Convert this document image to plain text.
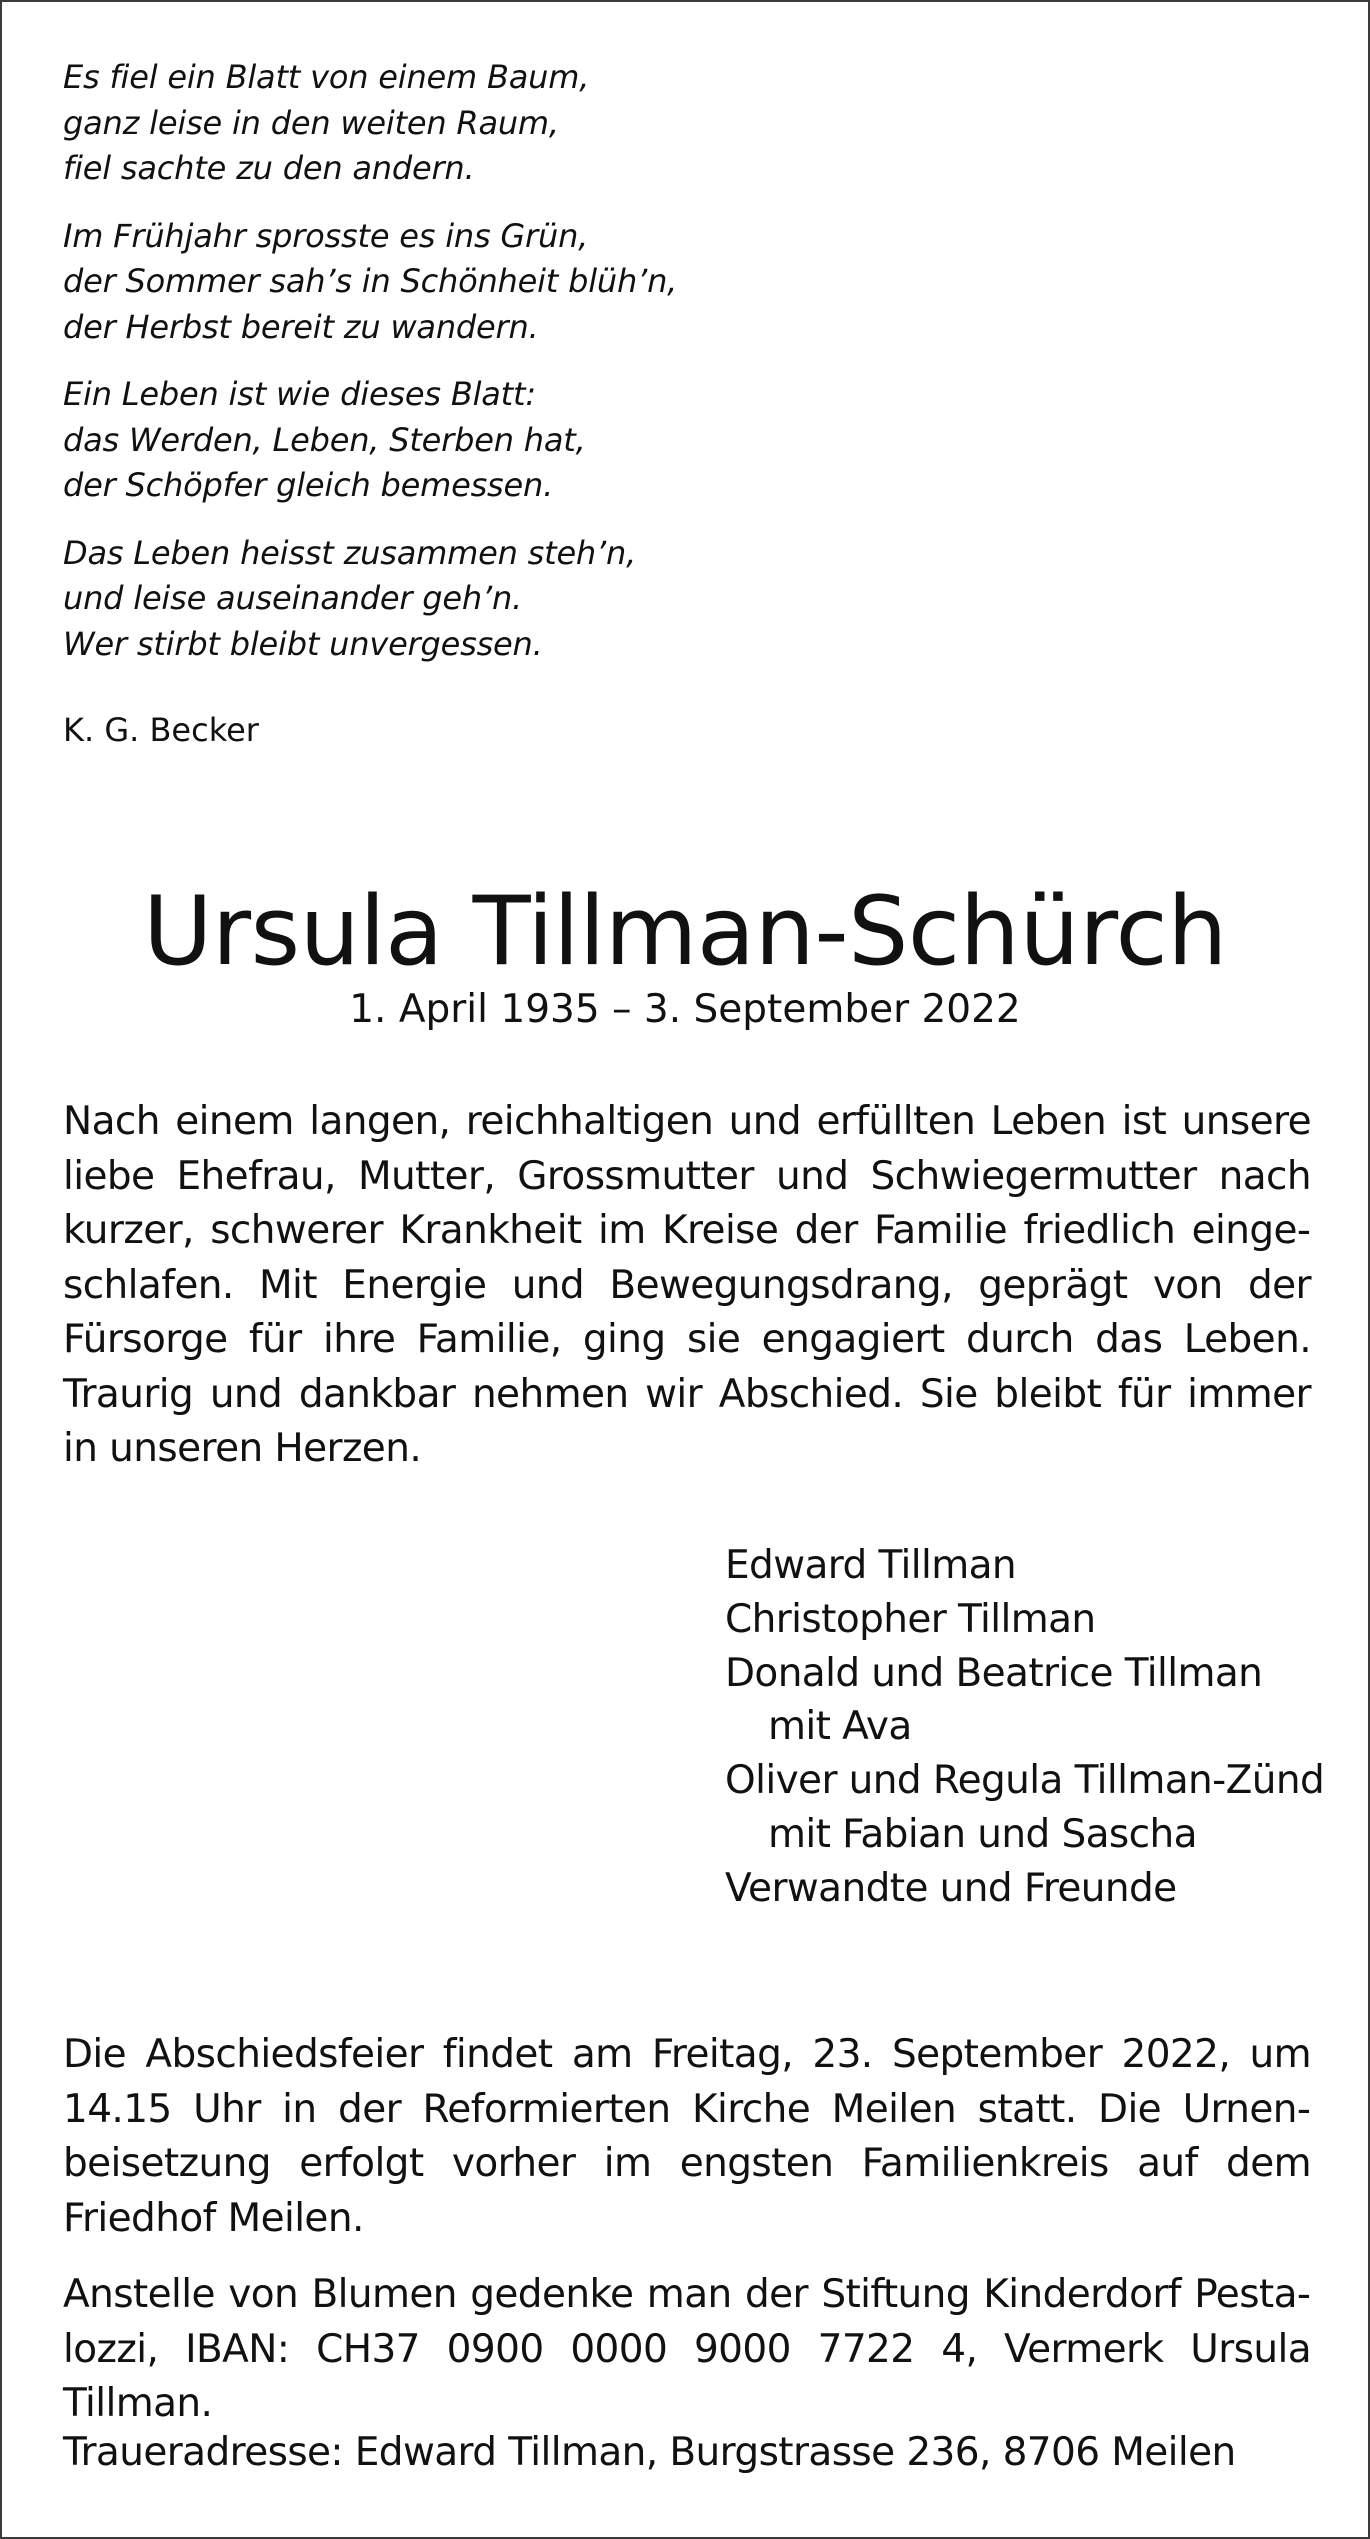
Es fiel ein Blatt von einem Baum,
ganz leise in den weiten Raum,
fiel sachte zu den andern.
Im Frühjahr sprosste es ins Grün,
der Sommer sah’s in Schönheit blüh’n,
der Herbst bereit zu wandern.
Ein Leben ist wie dieses Blatt:
das Werden, Leben, Sterben hat,
der Schöpfer gleich bemessen.
Das Leben heisst zusammen steh’n,
und leise auseinander geh’n.
Wer stirbt bleibt unvergessen.

K. G. Becker

Ursula Tillman-Schürch

1. April 1935 – 3. September 2022

Nach einem langen, reichhaltigen und erfüllten Leben ist unsere liebe Ehefrau, Mutter, Grossmutter und Schwiegermutter nach kurzer, schwerer Krankheit im Kreise der Familie friedlich eingeschlafen. Mit Energie und Bewegungsdrang, geprägt von der Fürsorge für ihre Familie, ging sie engagiert durch das Leben. Traurig und dankbar nehmen wir Abschied. Sie bleibt für immer in unseren Herzen.

Edward Tillman
Christopher Tillman
Donald und Beatrice Tillman
mit Ava
Oliver und Regula Tillman-Zünd
mit Fabian und Sascha
Verwandte und Freunde

Die Abschiedsfeier findet am Freitag, 23. September 2022, um 14.15 Uhr in der Reformierten Kirche Meilen statt. Die Urnenbeisetzung erfolgt vorher im engsten Familienkreis auf dem Friedhof Meilen.

Anstelle von Blumen gedenke man der Stiftung Kinderdorf Pestalozzi, IBAN: CH37 0900 0000 9000 7722 4, Vermerk Ursula Tillman.

Traueradresse: Edward Tillman, Burgstrasse 236, 8706 Meilen
